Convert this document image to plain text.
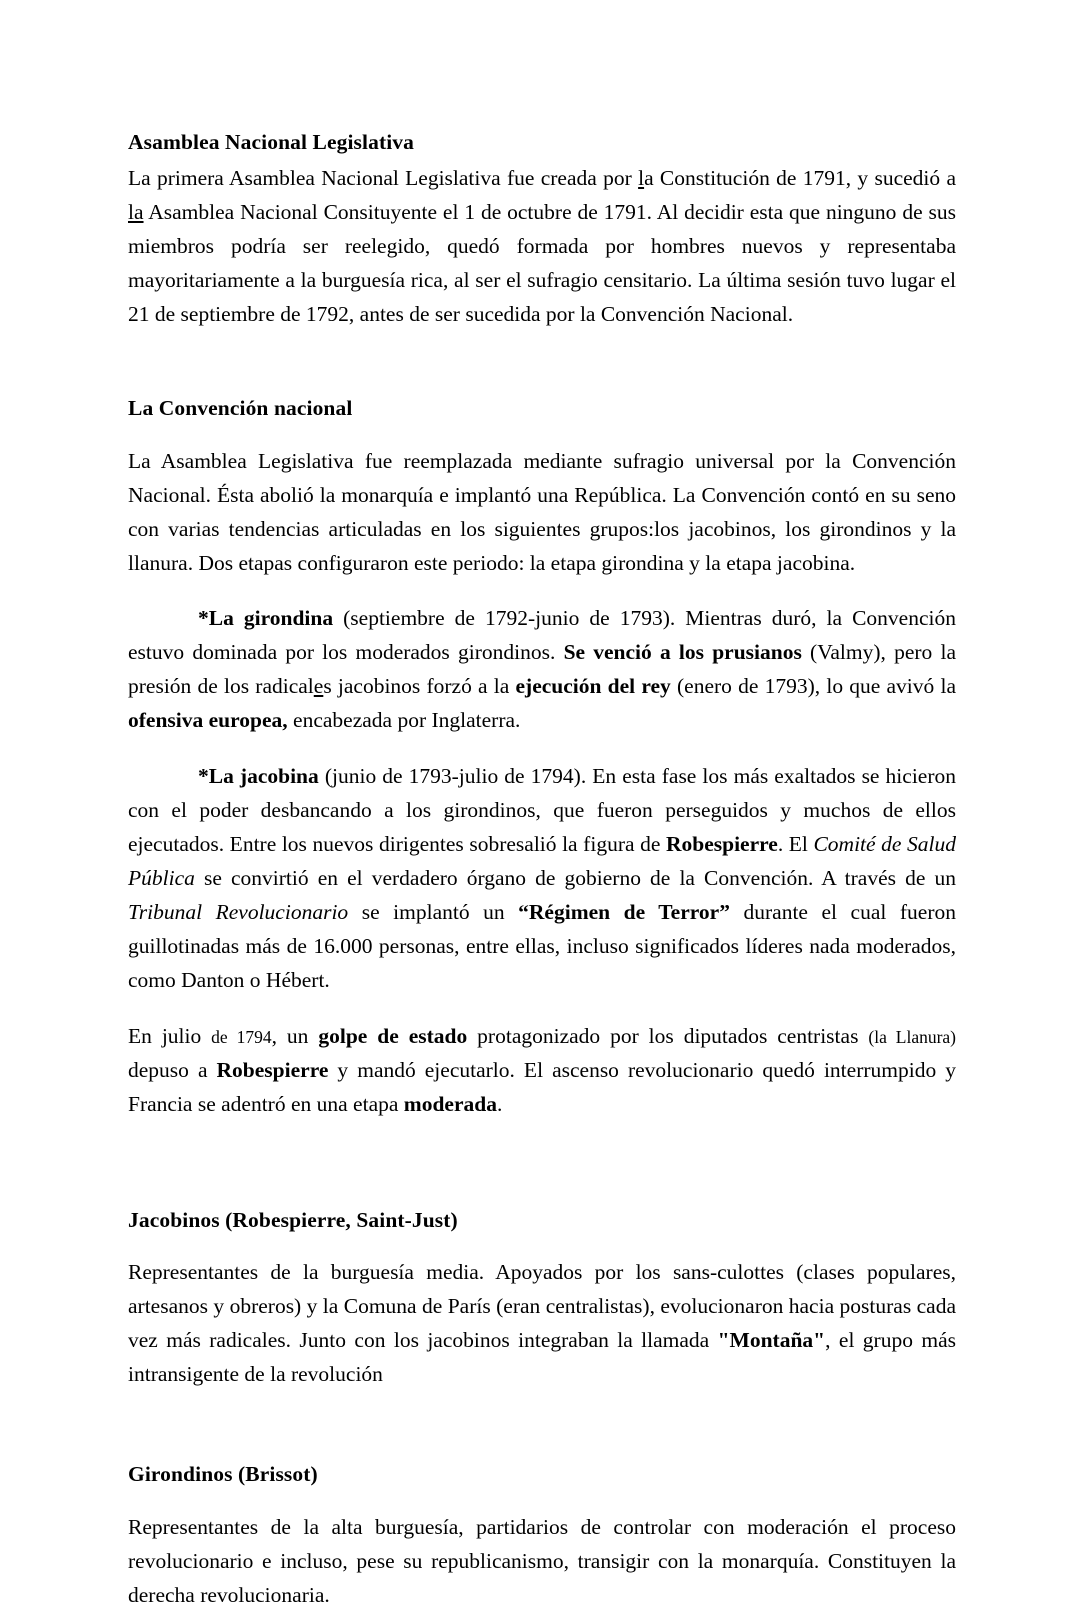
Asamblea Nacional Legislativa

La primera Asamblea Nacional Legislativa fue creada por la Constitución de 1791, y sucedió a la Asamblea Nacional Consituyente el 1 de octubre de 1791. Al decidir esta que ninguno de sus miembros podría ser reelegido, quedó formada por hombres nuevos y representaba mayoritariamente a la burguesía rica, al ser el sufragio censitario. La última sesión tuvo lugar el 21 de septiembre de 1792, antes de ser sucedida por la Convención Nacional.

La Convención nacional

La Asamblea Legislativa fue reemplazada mediante sufragio universal por la Convención Nacional. Ésta abolió la monarquía e implantó una República. La Convención contó en su seno con varias tendencias articuladas en los siguientes grupos:los jacobinos, los girondinos y la llanura. Dos etapas configuraron este periodo: la etapa girondina y la etapa jacobina.

*La girondina (septiembre de 1792-junio de 1793). Mientras duró, la Convención estuvo dominada por los moderados girondinos. Se venció a los prusianos (Valmy), pero la presión de los radicales jacobinos forzó a la ejecución del rey (enero de 1793), lo que avivó la ofensiva europea, encabezada por Inglaterra.

*La jacobina (junio de 1793-julio de 1794). En esta fase los más exaltados se hicieron con el poder desbancando a los girondinos, que fueron perseguidos y muchos de ellos ejecutados. Entre los nuevos dirigentes sobresalió la figura de Robespierre. El Comité de Salud Pública se convirtió en el verdadero órgano de gobierno de la Convención. A través de un Tribunal Revolucionario se implantó un “Régimen de Terror” durante el cual fueron guillotinadas más de 16.000 personas, entre ellas, incluso significados líderes nada moderados, como Danton o Hébert.

En julio de 1794, un golpe de estado protagonizado por los diputados centristas (la Llanura) depuso a Robespierre y mandó ejecutarlo. El ascenso revolucionario quedó interrumpido y Francia se adentró en una etapa moderada.

Jacobinos (Robespierre, Saint-Just)

Representantes de la burguesía media. Apoyados por los sans-culottes (clases populares, artesanos y obreros) y la Comuna de París (eran centralistas), evolucionaron hacia posturas cada vez más radicales. Junto con los jacobinos integraban la llamada "Montaña", el grupo más intransigente de la revolución

Girondinos (Brissot)

Representantes de la alta burguesía, partidarios de controlar con moderación el proceso revolucionario e incluso, pese su republicanismo, transigir con la monarquía. Constituyen la derecha revolucionaria.
